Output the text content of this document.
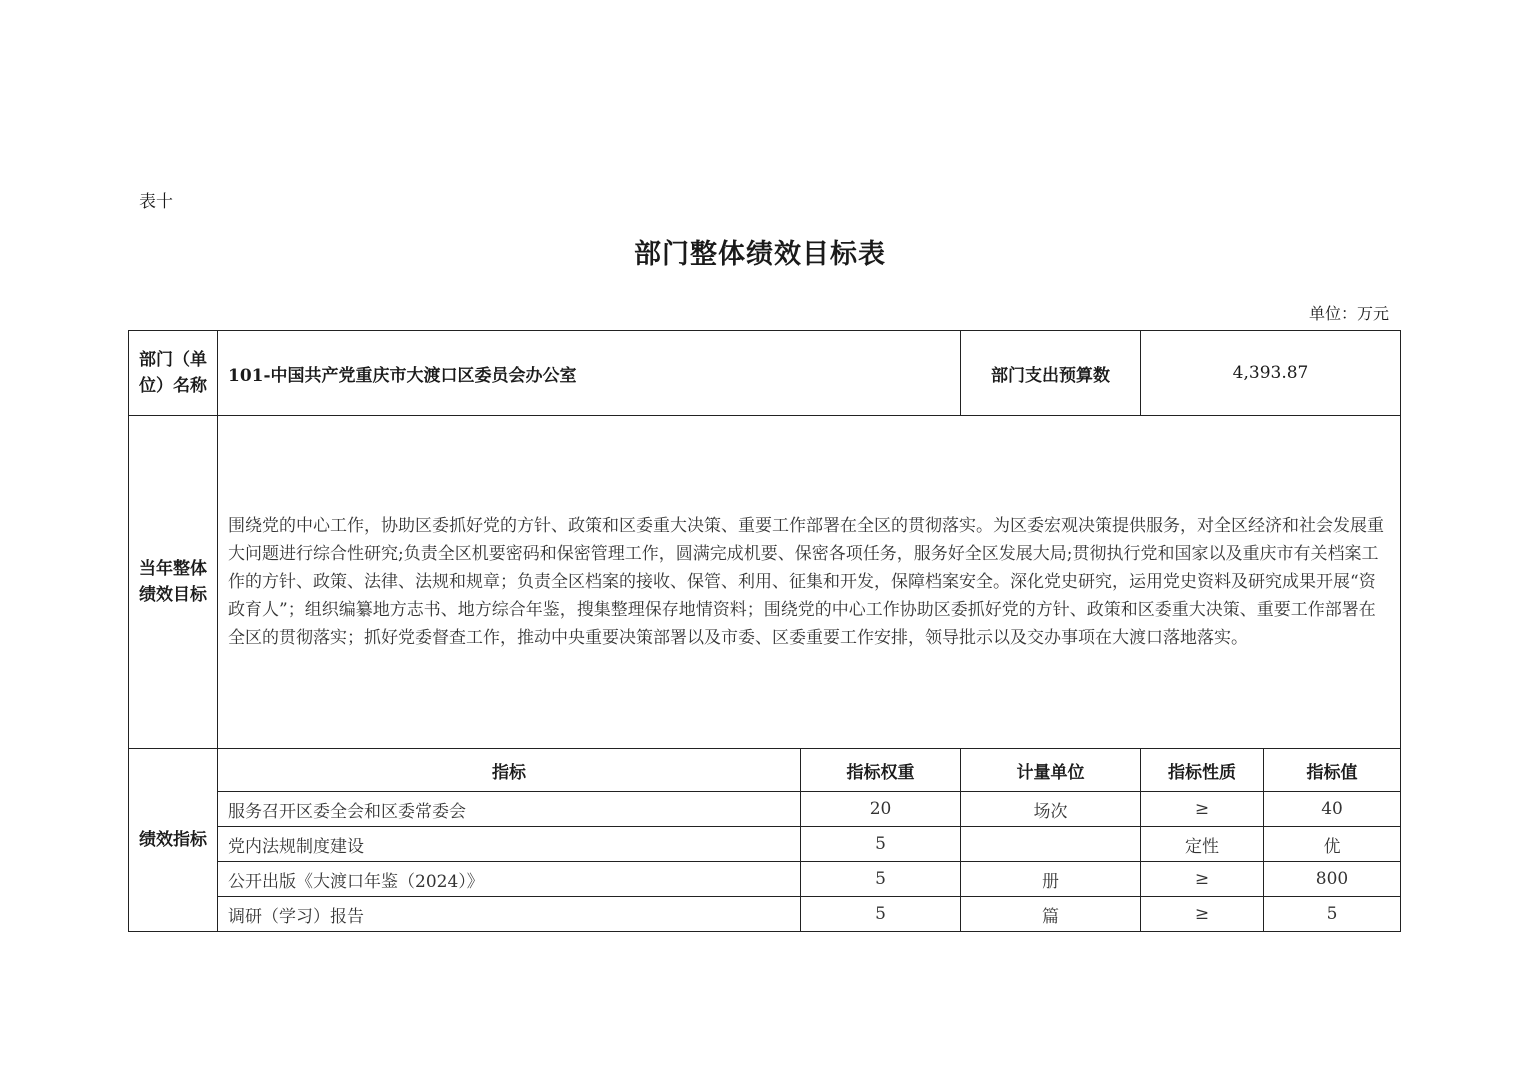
表十
部门整体绩效目标表
单位：万元
部门（单位）名称	101-中国共产党重庆市大渡口区委员会办公室		部门支出预算数	4,393.87	
当年整体绩效目标	围绕党的中心工作，协助区委抓好党的方针、政策和区委重大决策、重要工作部署在全区的贯彻落实。为区委宏观决策提供服务，对全区经济和社会发展重大问题进行综合性研究;负责全区机要密码和保密管理工作，圆满完成机要、保密各项任务，服务好全区发展大局;贯彻执行党和国家以及重庆市有关档案工作的方针、政策、法律、法规和规章；负责全区档案的接收、保管、利用、征集和开发，保障档案安全。深化党史研究，运用党史资料及研究成果开展“资政育人”；组织编纂地方志书、地方综合年鉴，搜集整理保存地情资料；围绕党的中心工作协助区委抓好党的方针、政策和区委重大决策、重要工作部署在全区的贯彻落实；抓好党委督查工作，推动中央重要决策部署以及市委、区委重要工作安排，领导批示以及交办事项在大渡口落地落实。				
绩效指标	指标	指标权重	计量单位	指标性质	指标值
	服务召开区委全会和区委常委会	20	场次	≥	40
	党内法规制度建设	5		定性	优
	公开出版《大渡口年鉴（2024）》	5	册	≥	800
	调研（学习）报告	5	篇	≥	5
